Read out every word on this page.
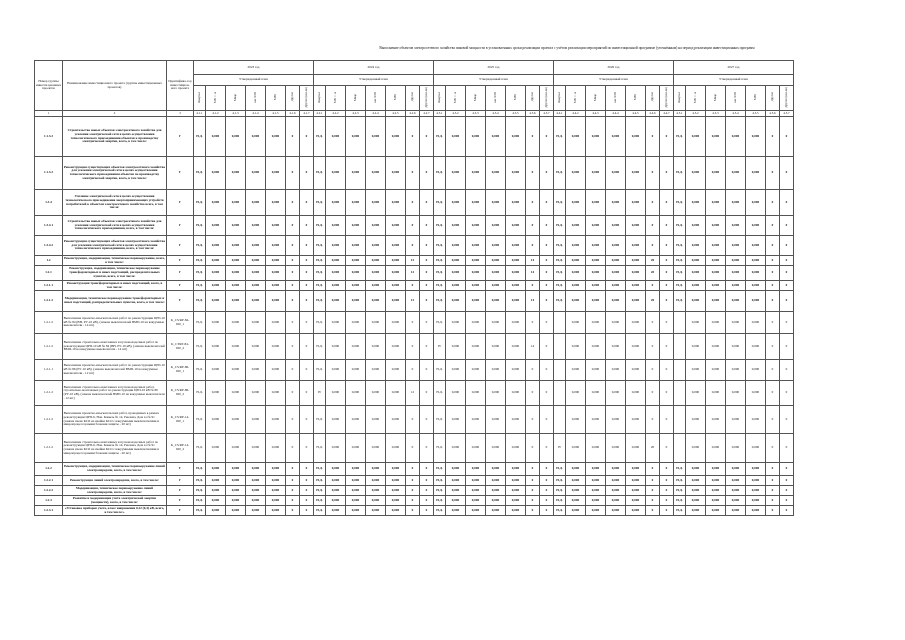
Выполнение объектов электросетевого хозяйства пиковой мощности в установленных сроки реализации проекта с учётом реализации мероприятий по инвестиционной программе (уточнённым) на период реализации инвестиционных программ
Номер группы инвести-ционных проектов	Наименование инвестиционного проекта (группы инвестиционных проектов)	Идентифика-тор инвестицион-ного проекта	2023 год							2024 год							2025 год							2026 год							2027 год						
			Утвержденный план							Утвержденный план							Утвержденный план							Утвержденный план							Утвержденный план						
			Квартал	МВ×А	Мвар	км ЛЭП	МВт	Другое	Другое (кол-во)	Квартал	МВ×А	Мвар	км ЛЭП	МВт	Другое	Другое (кол-во)	Квартал	МВ×А	Мвар	км ЛЭП	МВт	Другое	Другое (кол-во)	Квартал	МВ×А	Мвар	км ЛЭП	МВт	Другое	Другое (кол-во)	Квартал	МВ×А	Мвар	км ЛЭП	МВт	Другое	Другое (кол-во)

1	2	3	4.1.1	4.1.2	4.1.3	4.1.4	4.1.5	4.1.6	4.1.7	4.2.1	4.2.2	4.2.3	4.2.4	4.2.5	4.2.6	4.2.7	4.3.1	4.3.2	4.3.3	4.3.4	4.3.5	4.3.6	4.3.7	4.4.1	4.4.2	4.4.3	4.4.4	4.4.5	4.4.6	4.4.7	4.5.1	4.5.2	4.5.3	4.5.4	4.5.5	4.5.6	4.5.7
1.1.3.2	Строительство новых объектов электросетевого хозяйства для усиления электрической сети в целях осуществления технологического присоединения объектов к производству электрической энергии, всего, в том числе:	Г	Н.Д.	0,000	0,000	0,000	0,000	0	0	Н.Д.	0,000	0,000	0,000	0,000	0	0	Н.Д.	0,000	0,000	0,000	0,000	0	0	Н.Д.	0,000	0,000	0,000	0,000	0	0	Н.Д.	0,000	0,000	0,000	0,000	0	0
1.1.3.2	Реконструкция существующих объектов электросетевого хозяйства для усиления электрической сети в целях осуществления технологического присоединения объектов по производству электрической энергии, всего, в том числе:	Г	Н.Д.	0,000	0,000	0,000	0,000	0	0	Н.Д.	0,000	0,000	0,000	0,000	0	0	Н.Д.	0,000	0,000	0,000	0,000	0	0	Н.Д.	0,000	0,000	0,000	0,000	0	0	Н.Д.	0,000	0,000	0,000	0,000	0	0
1.3.4	Усиление электрической сети в целях осуществления технологического присоединения энергопринимающих устройств потребителей к объектам электросетевого хозяйства всего, в том числе:	Г	Н.Д.	0,000	0,000	0,000	0,000	0	0	Н.Д.	0,000	0,000	0,000	0,000	0	0	Н.Д.	0,000	0,000	0,000	0,000	0	0	Н.Д.	0,000	0,000	0,000	0,000	0	0	Н.Д.	0,000	0,000	0,000	0,000	0	0
1.3.4.1	Строительство новых объектов электросетевого хозяйства для усиления электрической сети в целях осуществления технологического присоединения, всего, в том числе:	Г	Н.Д.	0,000	0,000	0,000	0,000	0	0	Н.Д.	0,000	0,000	0,000	0,000	0	0	Н.Д.	0,000	0,000	0,000	0,000	0	0	Н.Д.	0,000	0,000	0,000	0,000	0	0	Н.Д.	0,000	0,000	0,000	0,000	0	0
1.3.4.2	Реконструкция существующих объектов электросетевого хозяйства для усиления электрической сети в целях осуществления технологического присоединения, всего, в том числе:	Г	Н.Д.	0,000	0,000	0,000	0,000	0	0	Н.Д.	0,000	0,000	0,000	0,000	0	0	Н.Д.	0,000	0,000	0,000	0,000	0	0	Н.Д.	0,000	0,000	0,000	0,000	0	0	Н.Д.	0,000	0,000	0,000	0,000	0	0
1.2	Реконструкция, модернизация, техническое перевооружение, всего, в том числе:	Г	Н.Д.	0,000	0,000	0,000	0,000	0	0	Н.Д.	0,000	0,000	0,000	0,000	12	0	Н.Д.	0,000	0,000	0,000	0,000	14	0	Н.Д.	0,000	0,000	0,000	0,000	20	0	Н.Д.	0,000	0,000	0,000	0,000	0	0
1.2.1	Реконструкция, модернизация, техническое перевооружение трансформаторных и иных подстанций, распределительных пунктов, всего, в том числе:	Г	Н.Д.	0,000	0,000	0,000	0,000	0	0	Н.Д.	0,000	0,000	0,000	0,000	12	0	Н.Д.	0,000	0,000	0,000	0,000	14	0	Н.Д.	0,000	0,000	0,000	0,000	20	0	Н.Д.	0,000	0,000	0,000	0,000	0	0
1.2.1.1	Реконструкция трансформаторных и иных подстанций, всего, в том числе:	Г	Н.Д.	0,000	0,000	0,000	0,000	0	0	Н.Д.	0,000	0,000	0,000	0,000	0	0	Н.Д.	0,000	0,000	0,000	0,000	0	0	Н.Д.	0,000	0,000	0,000	0,000	0	0	Н.Д.	0,000	0,000	0,000	0,000	0	0
1.2.1.2	Модернизация, техническое перевооружение трансформаторных и иных подстанций, распределительных пунктов, всего, в том числе:	Г	Н.Д.	0,000	0,000	0,000	0,000	0	0	Н.Д.	0,000	0,000	0,000	0,000	12	0	Н.Д.	0,000	0,000	0,000	0,000	14	0	Н.Д.	0,000	0,000	0,000	0,000	20	0	Н.Д.	0,000	0,000	0,000	0,000	0	0
1.2.1.2	Выполнение проектно-изыскательских работ по реконструкции ЦРП-10 кВ № 84 (ВН, РУ-10 кВ), (замена выключателей ВМП-10 на вакуумные выключатели - 14 шт)	K_CS/RP-84-020_1	Н.Д.	0,000	0,000	0,000	0,000	0	0	Н.Д.	0,000	0,000	0,000	0,000	0	0	Н.Д.	0,000	0,000	0,000	0,000	0	0		0,000	0,000	0,000	0,000	0	0		0,000	0,000	0,000	0,000	0	0
1.2.1.2	Выполнение строительно-монтажных и пусконаладочных работ по реконструкции ЦРП-10 кВ № 84 (ВН, РУ-10 кВ), (замена выключателей ВМП-10 на вакуумные выключатели - 14 шт)	K_CTRP-84-020_2	Н.Д.	0,000	0,000	0,000	0,000	0	0	Н.Д.	0,000	0,000	0,000	0,000	0	0	IV	0,000	0,000	0,000	0,000	14	0		0,000	0,000	0,000	0,000	0	0		0,000	0,000	0,000	0,000	0	0
1.2.1.1	Выполнение проектно-изыскательских работ по реконструкции ЦРП-10 кВ № 86 (РУ-10 кВ), (замена выключателей ВМП-10 на вакуумные выключатели - 12 шт)	K_CS/RP-86-020_1	Н.Д.	0,000	0,000	0,000	0,000	0	0	Н.Д.	0,000	0,000	0,000	0,000	0	0	Н.Д.	0,000	0,000	0,000	0,000	0	0		0,000	0,000	0,000	0,000	0	0		0,000	0,000	0,000	0,000	0	0
1.2.1.2	Выполнение строительно-монтажных и пусконаладочных работ, строительно-монтажных работ по реконструкции ЦРП-10 кВ № 86 (РУ-10 кВ), (замена выключателей ВМП-10 на вакуумные выключатели - 12 шт)	K_CS/RP-86-020_2	Н.Д.	0,000	0,000	0,000	0,000	0	0	IV	0,000	0,000	0,000	0,000	12	0	Н.Д.	0,000	0,000	0,000	0,000	0	0		0,000	0,000	0,000	0,000	0	0		0,000	0,000	0,000	0,000	0	0
1.2.1.2	Выполнение проектно-изыскательских работ, проводимых в рамках реконструкции ЦРП-6, Нов. Ковыль № 14, Реклама, Дом за № 91 (замена ячеек КСО на ячейки КСО с вакуумными выключателями и микропроцессорными блоками защиты - 20 шт)	K_CS/RP-14-020_1	Н.Д.	0,000	0,000	0,000	0,000	0	0	Н.Д.	0,000	0,000	0,000	0,000	0	0	Н.Д.	0,000	0,000	0,000	0,000	0	0		0,000	0,000	0,000	0,000	0	0		0,000	0,000	0,000	0,000	0	0
1.2.1.2	Выполнение строительно-монтажных и пусконаладочных работ по реконструкции ЦРП-6, Нов. Ковыль № 14, Реклама, Дом за № 91 (замена ячеек КСО на ячейки КСО с вакуумными выключателями и микропроцессорными блоками защиты - 20 шт)	K_CS/RP-14-020_2	Н.Д.	0,000	0,000	0,000	0,000	0	0	Н.Д.	0,000	0,000	0,000	0,000	0	0	Н.Д.	0,000	0,000	0,000	0,000	0	0	IV	0,000	0,000	0,000	0,000	20	0		0,000	0,000	0,000	0,000	0	0
1.2.2	Реконструкция, модернизация, техническое перевооружение линий электропередачи, всего, в том числе:	Г	Н.Д.	0,000	0,000	0,000	0,000	0	0	Н.Д.	0,000	0,000	0,000	0,000	0	0	Н.Д.	0,000	0,000	0,000	0,000	0	0	Н.Д.	0,000	0,000	0,000	0,000	0	0	Н.Д.	0,000	0,000	0,000	0,000	0	0
1.2.2.1	Реконструкция линий электропередачи, всего, в том числе:	Г	Н.Д.	0,000	0,000	0,000	0,000	0	0	Н.Д.	0,000	0,000	0,000	0,000	0	0	Н.Д.	0,000	0,000	0,000	0,000	0	0	Н.Д.	0,000	0,000	0,000	0,000	0	0	Н.Д.	0,000	0,000	0,000	0,000	0	0
1.2.2.2	Модернизация, техническое перевооружение линий электропередачи, всего, в том числе:	Г	Н.Д.	0,000	0,000	0,000	0,000	0	0	Н.Д.	0,000	0,000	0,000	0,000	0	0	Н.Д.	0,000	0,000	0,000	0,000	0	0	Н.Д.	0,000	0,000	0,000	0,000	0	0	Н.Д.	0,000	0,000	0,000	0,000	0	0
1.2.3	Развитие и модернизация учета электрической энергии (мощности), всего, в том числе:	Г	Н.Д.	0,000	0,000	0,000	0,000	0	0	Н.Д.	0,000	0,000	0,000	0,000	0	0	Н.Д.	0,000	0,000	0,000	0,000	0	0	Н.Д.	0,000	0,000	0,000	0,000	0	0	Н.Д.	0,000	0,000	0,000	0,000	0	0
1.2.3.1	«Установка приборов учета, класс напряжения 0,22 (0,4) кВ, всего, в том числе:»	Г	Н.Д.	0,000	0,000	0,000	0,000	0	0	Н.Д.	0,000	0,000	0,000	0,000	0	0	Н.Д.	0,000	0,000	0,000	0,000	0	0	Н.Д.	0,000	0,000	0,000	0,000	0	0	Н.Д.	0,000	0,000	0,000	0,000	0	0
